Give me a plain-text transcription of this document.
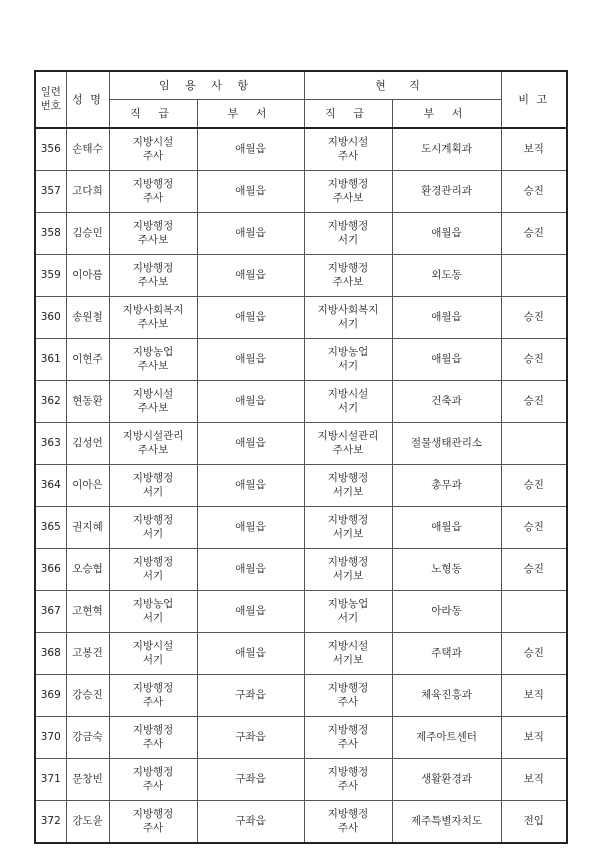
일련
번호	성 명	임 용 사 항		현 직		비 고
		직 급	부 서	직 급	부 서	
356	손태수	지방시설
주사	애월읍	지방시설
주사	도시계획과	보직
357	고다희	지방행정
주사	애월읍	지방행정
주사보	환경관리과	승진
358	김승민	지방행정
주사보	애월읍	지방행정
서기	애월읍	승진
359	이아름	지방행정
주사보	애월읍	지방행정
주사보	외도동	
360	송원철	지방사회복지
주사보	애월읍	지방사회복지
서기	애월읍	승진
361	이현주	지방농업
주사보	애월읍	지방농업
서기	애월읍	승진
362	현동환	지방시설
주사보	애월읍	지방시설
서기	건축과	승진
363	김성언	지방시설관리
주사보	애월읍	지방시설관리
주사보	절물생태관리소	
364	이아은	지방행정
서기	애월읍	지방행정
서기보	총무과	승진
365	권지혜	지방행정
서기	애월읍	지방행정
서기보	애월읍	승진
366	오승협	지방행정
서기	애월읍	지방행정
서기보	노형동	승진
367	고현혁	지방농업
서기	애월읍	지방농업
서기	아라동	
368	고봉건	지방시설
서기	애월읍	지방시설
서기보	주택과	승진
369	강승진	지방행정
주사	구좌읍	지방행정
주사	체육진흥과	보직
370	강금숙	지방행정
주사	구좌읍	지방행정
주사	제주아트센터	보직
371	문창빈	지방행정
주사	구좌읍	지방행정
주사	생활환경과	보직
372	강도윤	지방행정
주사	구좌읍	지방행정
주사	제주특별자치도	전입
